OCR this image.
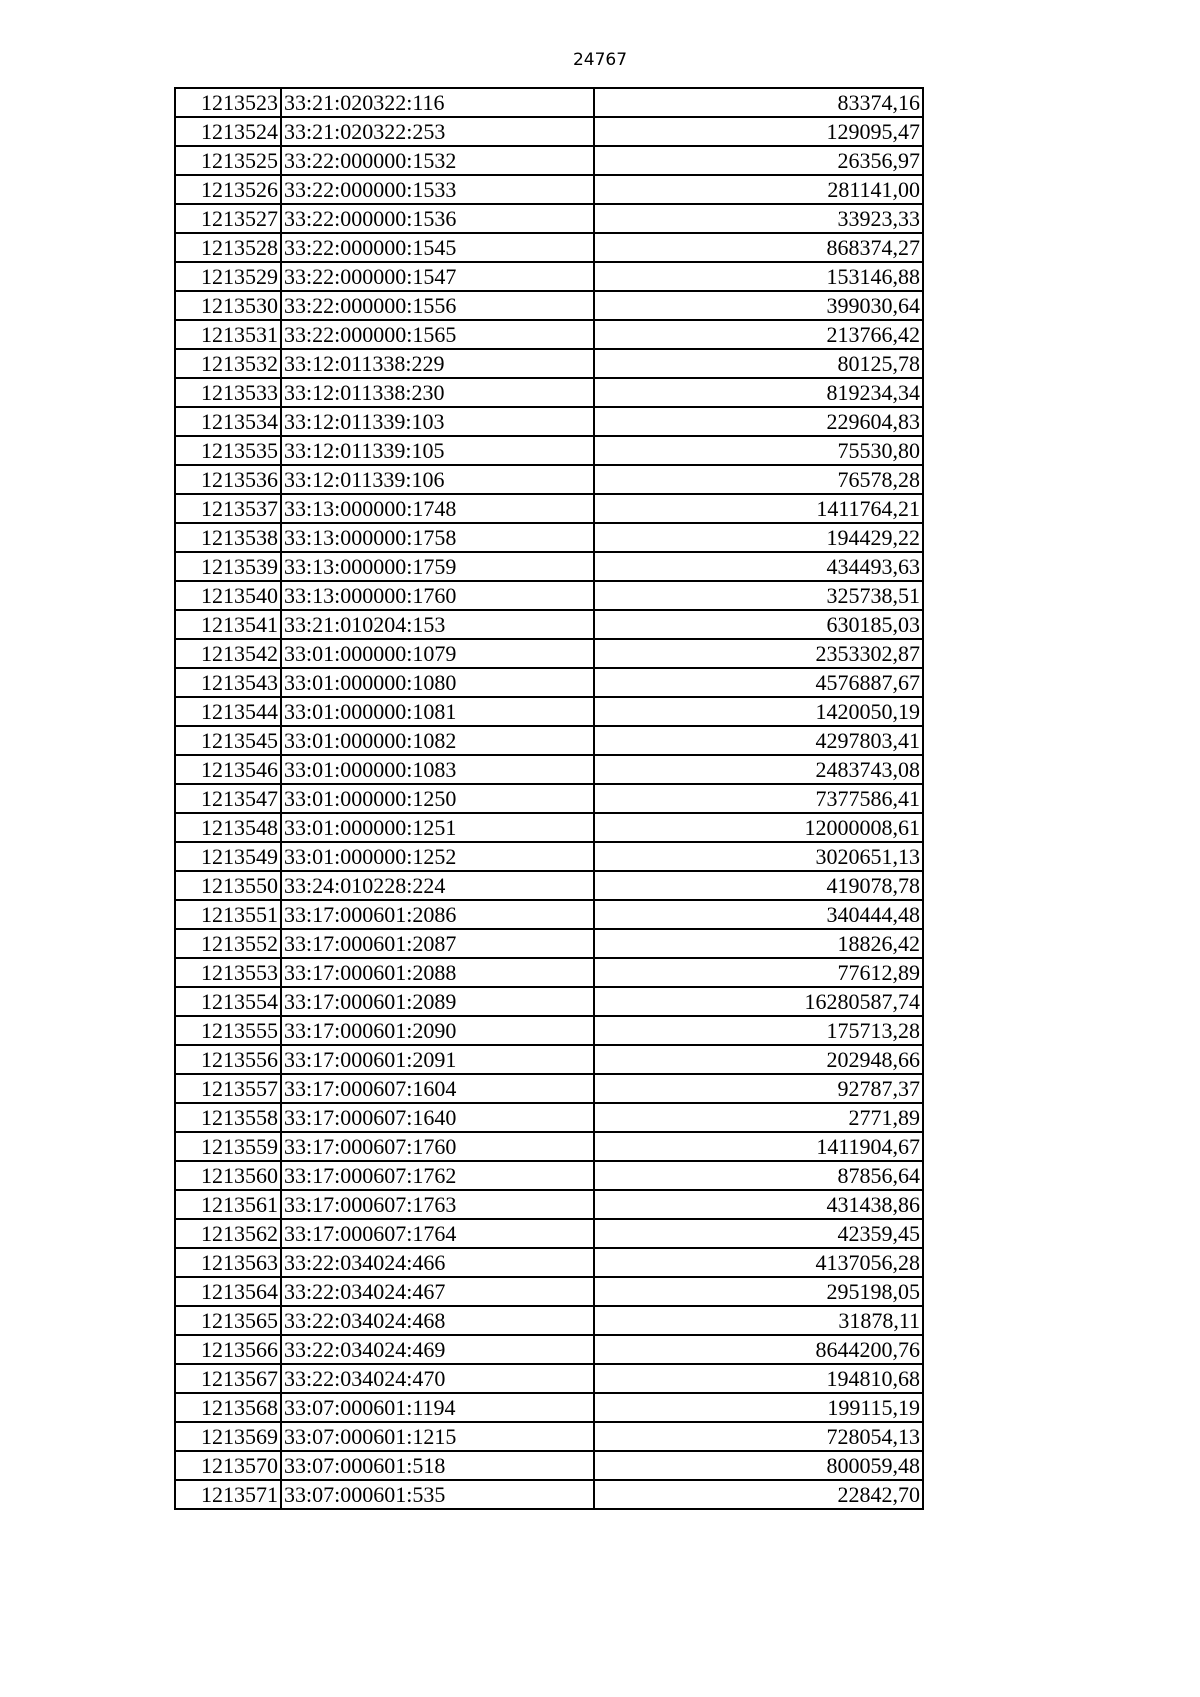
24767
1213523	33:21:020322:116	83374,16
1213524	33:21:020322:253	129095,47
1213525	33:22:000000:1532	26356,97
1213526	33:22:000000:1533	281141,00
1213527	33:22:000000:1536	33923,33
1213528	33:22:000000:1545	868374,27
1213529	33:22:000000:1547	153146,88
1213530	33:22:000000:1556	399030,64
1213531	33:22:000000:1565	213766,42
1213532	33:12:011338:229	80125,78
1213533	33:12:011338:230	819234,34
1213534	33:12:011339:103	229604,83
1213535	33:12:011339:105	75530,80
1213536	33:12:011339:106	76578,28
1213537	33:13:000000:1748	1411764,21
1213538	33:13:000000:1758	194429,22
1213539	33:13:000000:1759	434493,63
1213540	33:13:000000:1760	325738,51
1213541	33:21:010204:153	630185,03
1213542	33:01:000000:1079	2353302,87
1213543	33:01:000000:1080	4576887,67
1213544	33:01:000000:1081	1420050,19
1213545	33:01:000000:1082	4297803,41
1213546	33:01:000000:1083	2483743,08
1213547	33:01:000000:1250	7377586,41
1213548	33:01:000000:1251	12000008,61
1213549	33:01:000000:1252	3020651,13
1213550	33:24:010228:224	419078,78
1213551	33:17:000601:2086	340444,48
1213552	33:17:000601:2087	18826,42
1213553	33:17:000601:2088	77612,89
1213554	33:17:000601:2089	16280587,74
1213555	33:17:000601:2090	175713,28
1213556	33:17:000601:2091	202948,66
1213557	33:17:000607:1604	92787,37
1213558	33:17:000607:1640	2771,89
1213559	33:17:000607:1760	1411904,67
1213560	33:17:000607:1762	87856,64
1213561	33:17:000607:1763	431438,86
1213562	33:17:000607:1764	42359,45
1213563	33:22:034024:466	4137056,28
1213564	33:22:034024:467	295198,05
1213565	33:22:034024:468	31878,11
1213566	33:22:034024:469	8644200,76
1213567	33:22:034024:470	194810,68
1213568	33:07:000601:1194	199115,19
1213569	33:07:000601:1215	728054,13
1213570	33:07:000601:518	800059,48
1213571	33:07:000601:535	22842,70
